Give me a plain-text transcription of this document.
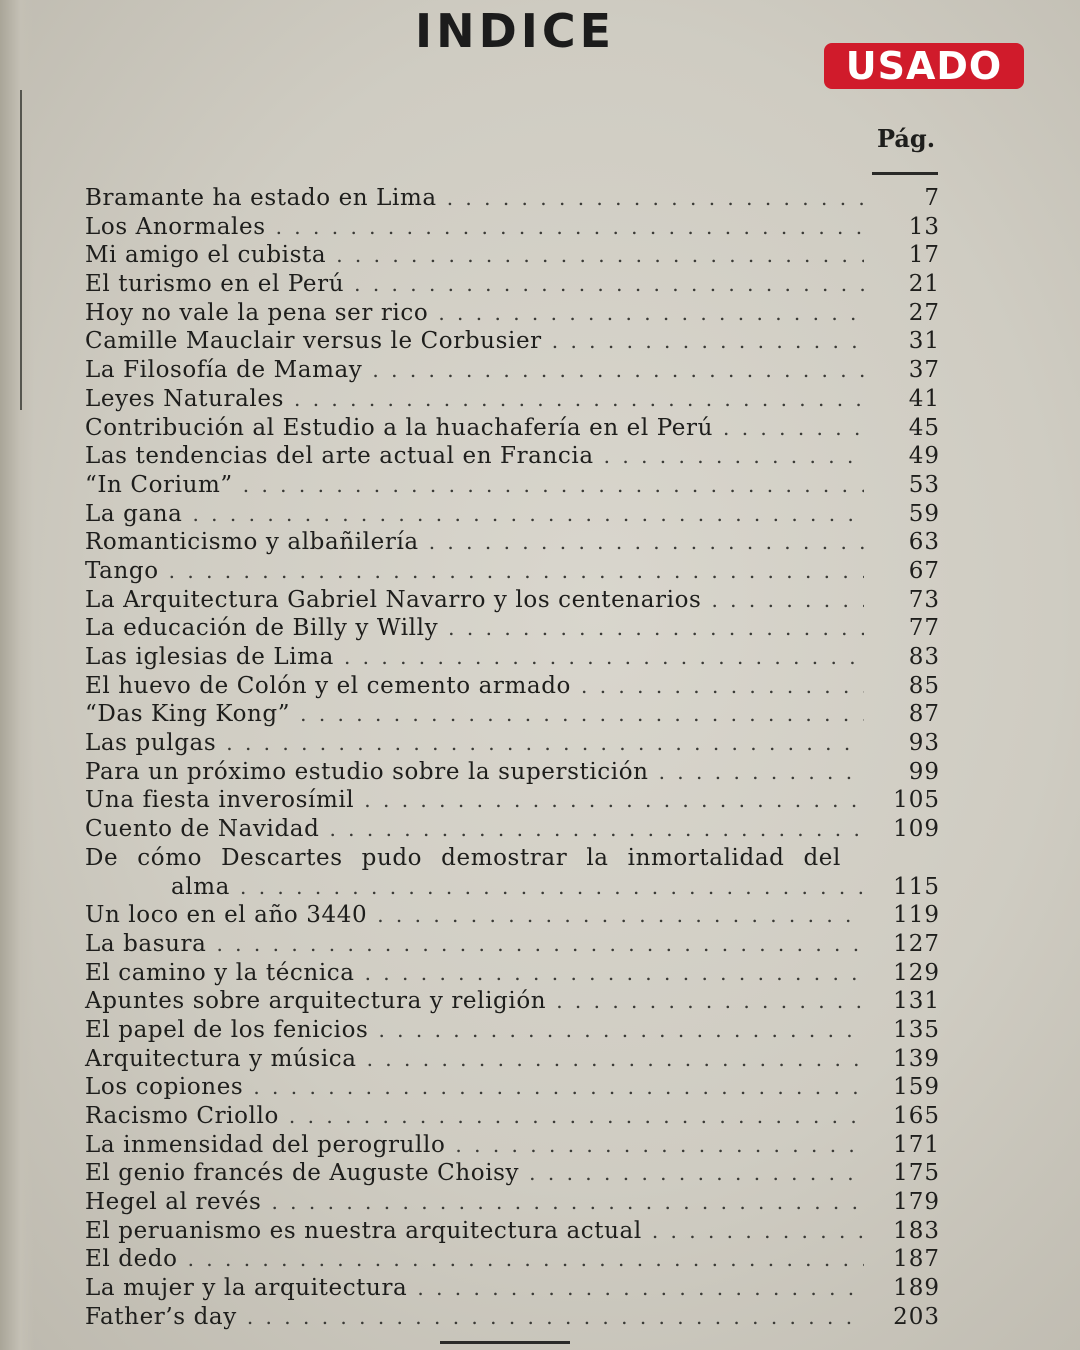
INDICE
USADO
Pág.
Bramante ha estado en Lima . . .	7
Los Anormales . . .	13
Mi amigo el cubista . . .	17
El turismo en el Perú . . .	21
Hoy no vale la pena ser rico . . .	27
Camille Mauclair versus le Corbusier . . .	31
La Filosofía de Mamay . . .	37
Leyes Naturales . . .	41
Contribución al Estudio a la huachafería en el Perú . . .	45
Las tendencias del arte actual en Francia . . .	49
“In Corium” . . .	53
La gana . . .	59
Romanticismo y albañilería . . .	63
Tango . . .	67
La Arquitectura Gabriel Navarro y los centenarios . . .	73
La educación de Billy y Willy . . .	77
Las iglesias de Lima . . .	83
El huevo de Colón y el cemento armado . . .	85
“Das King Kong” . . .	87
Las pulgas . . .	93
Para un próximo estudio sobre la superstición . . .	99
Una fiesta inverosímil . . .	105
Cuento de Navidad . . .	109
De cómo Descartes pudo demostrar la inmortalidad del
alma . . .	115
Un loco en el año 3440 . . .	119
La basura . . .	127
El camino y la técnica . . .	129
Apuntes sobre arquitectura y religión . . .	131
El papel de los fenicios . . .	135
Arquitectura y música . . .	139
Los copiones . . .	159
Racismo Criollo . . .	165
La inmensidad del perogrullo . . .	171
El genio francés de Auguste Choisy . . .	175
Hegel al revés . . .	179
El peruanismo es nuestra arquitectura actual . . .	183
El dedo . . .	187
La mujer y la arquitectura . . .	189
Father’s day . . .	203
